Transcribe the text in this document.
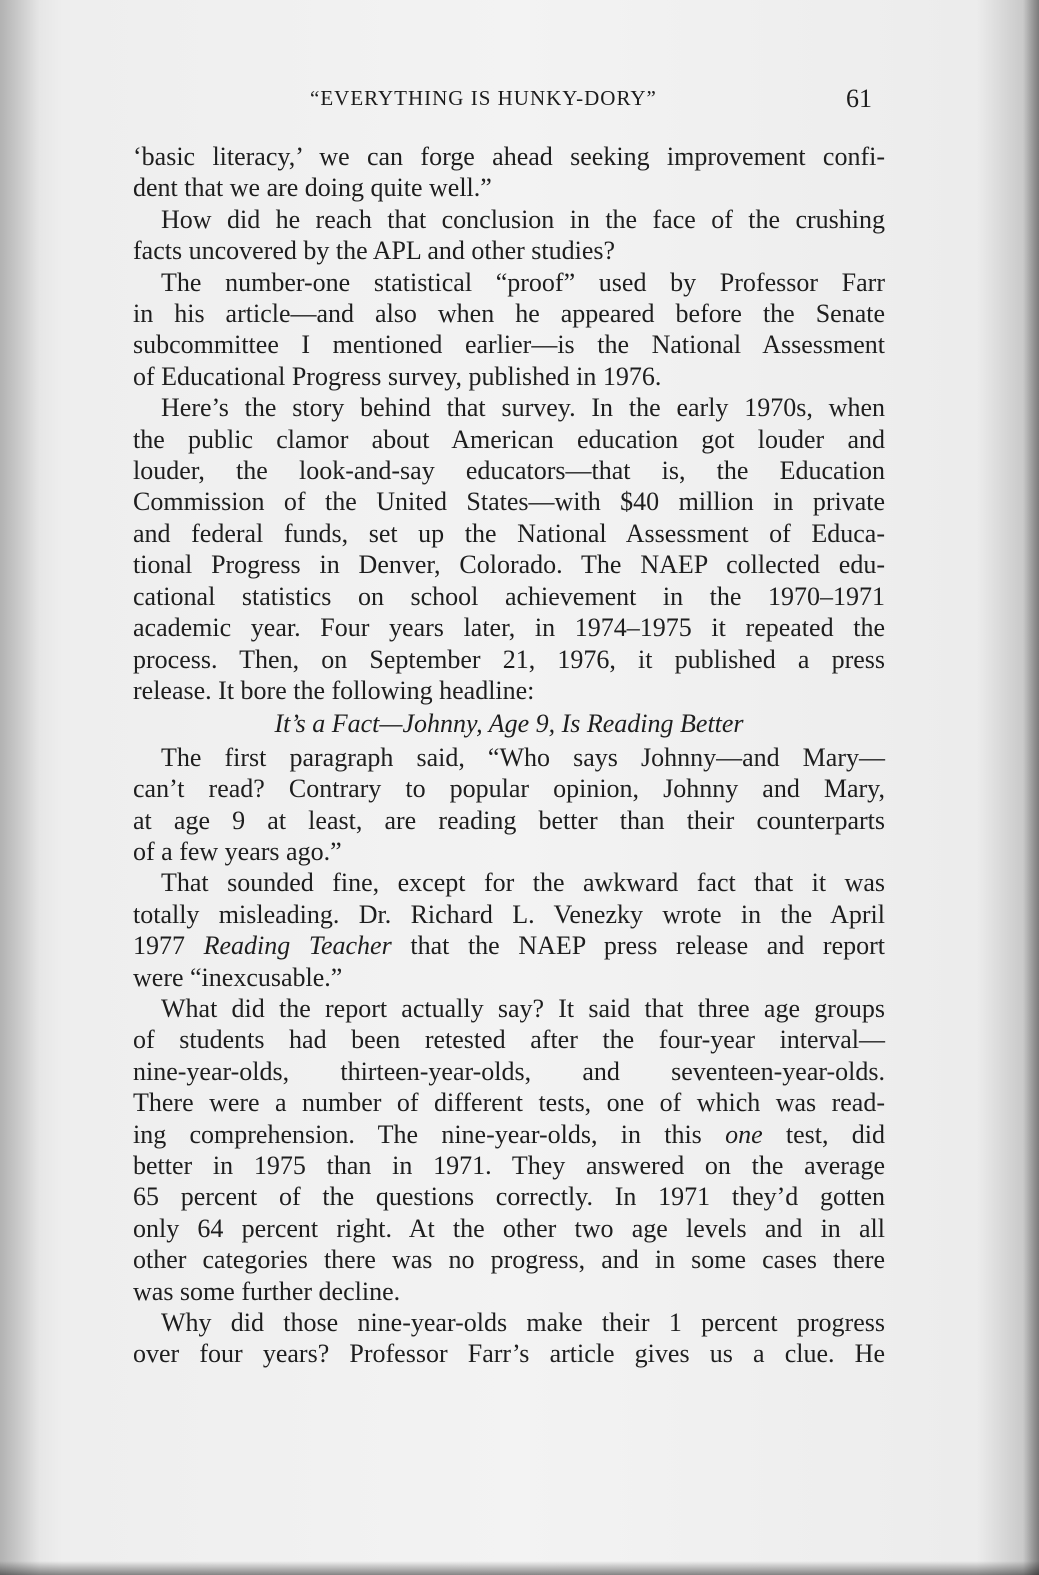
“EVERYTHING IS HUNKY-DORY”	61
‘basic literacy,’ we can forge ahead seeking improvement confi-
dent that we are doing quite well.”
How did he reach that conclusion in the face of the crushing
facts uncovered by the APL and other studies?
The number-one statistical “proof” used by Professor Farr
in his article—and also when he appeared before the Senate
subcommittee I mentioned earlier—is the National Assessment
of Educational Progress survey, published in 1976.
Here’s the story behind that survey. In the early 1970s, when
the public clamor about American education got louder and
louder, the look-and-say educators—that is, the Education
Commission of the United States—with $40 million in private
and federal funds, set up the National Assessment of Educa-
tional Progress in Denver, Colorado. The NAEP collected edu-
cational statistics on school achievement in the 1970–1971
academic year. Four years later, in 1974–1975 it repeated the
process. Then, on September 21, 1976, it published a press
release. It bore the following headline:
It’s a Fact—Johnny, Age 9, Is Reading Better
The first paragraph said, “Who says Johnny—and Mary—
can’t read? Contrary to popular opinion, Johnny and Mary,
at age 9 at least, are reading better than their counterparts
of a few years ago.”
That sounded fine, except for the awkward fact that it was
totally misleading. Dr. Richard L. Venezky wrote in the April
1977 Reading Teacher that the NAEP press release and report
were “inexcusable.”
What did the report actually say? It said that three age groups
of students had been retested after the four-year interval—
nine-year-olds, thirteen-year-olds, and seventeen-year-olds.
There were a number of different tests, one of which was read-
ing comprehension. The nine-year-olds, in this one test, did
better in 1975 than in 1971. They answered on the average
65 percent of the questions correctly. In 1971 they’d gotten
only 64 percent right. At the other two age levels and in all
other categories there was no progress, and in some cases there
was some further decline.
Why did those nine-year-olds make their 1 percent progress
over four years? Professor Farr’s article gives us a clue. He
